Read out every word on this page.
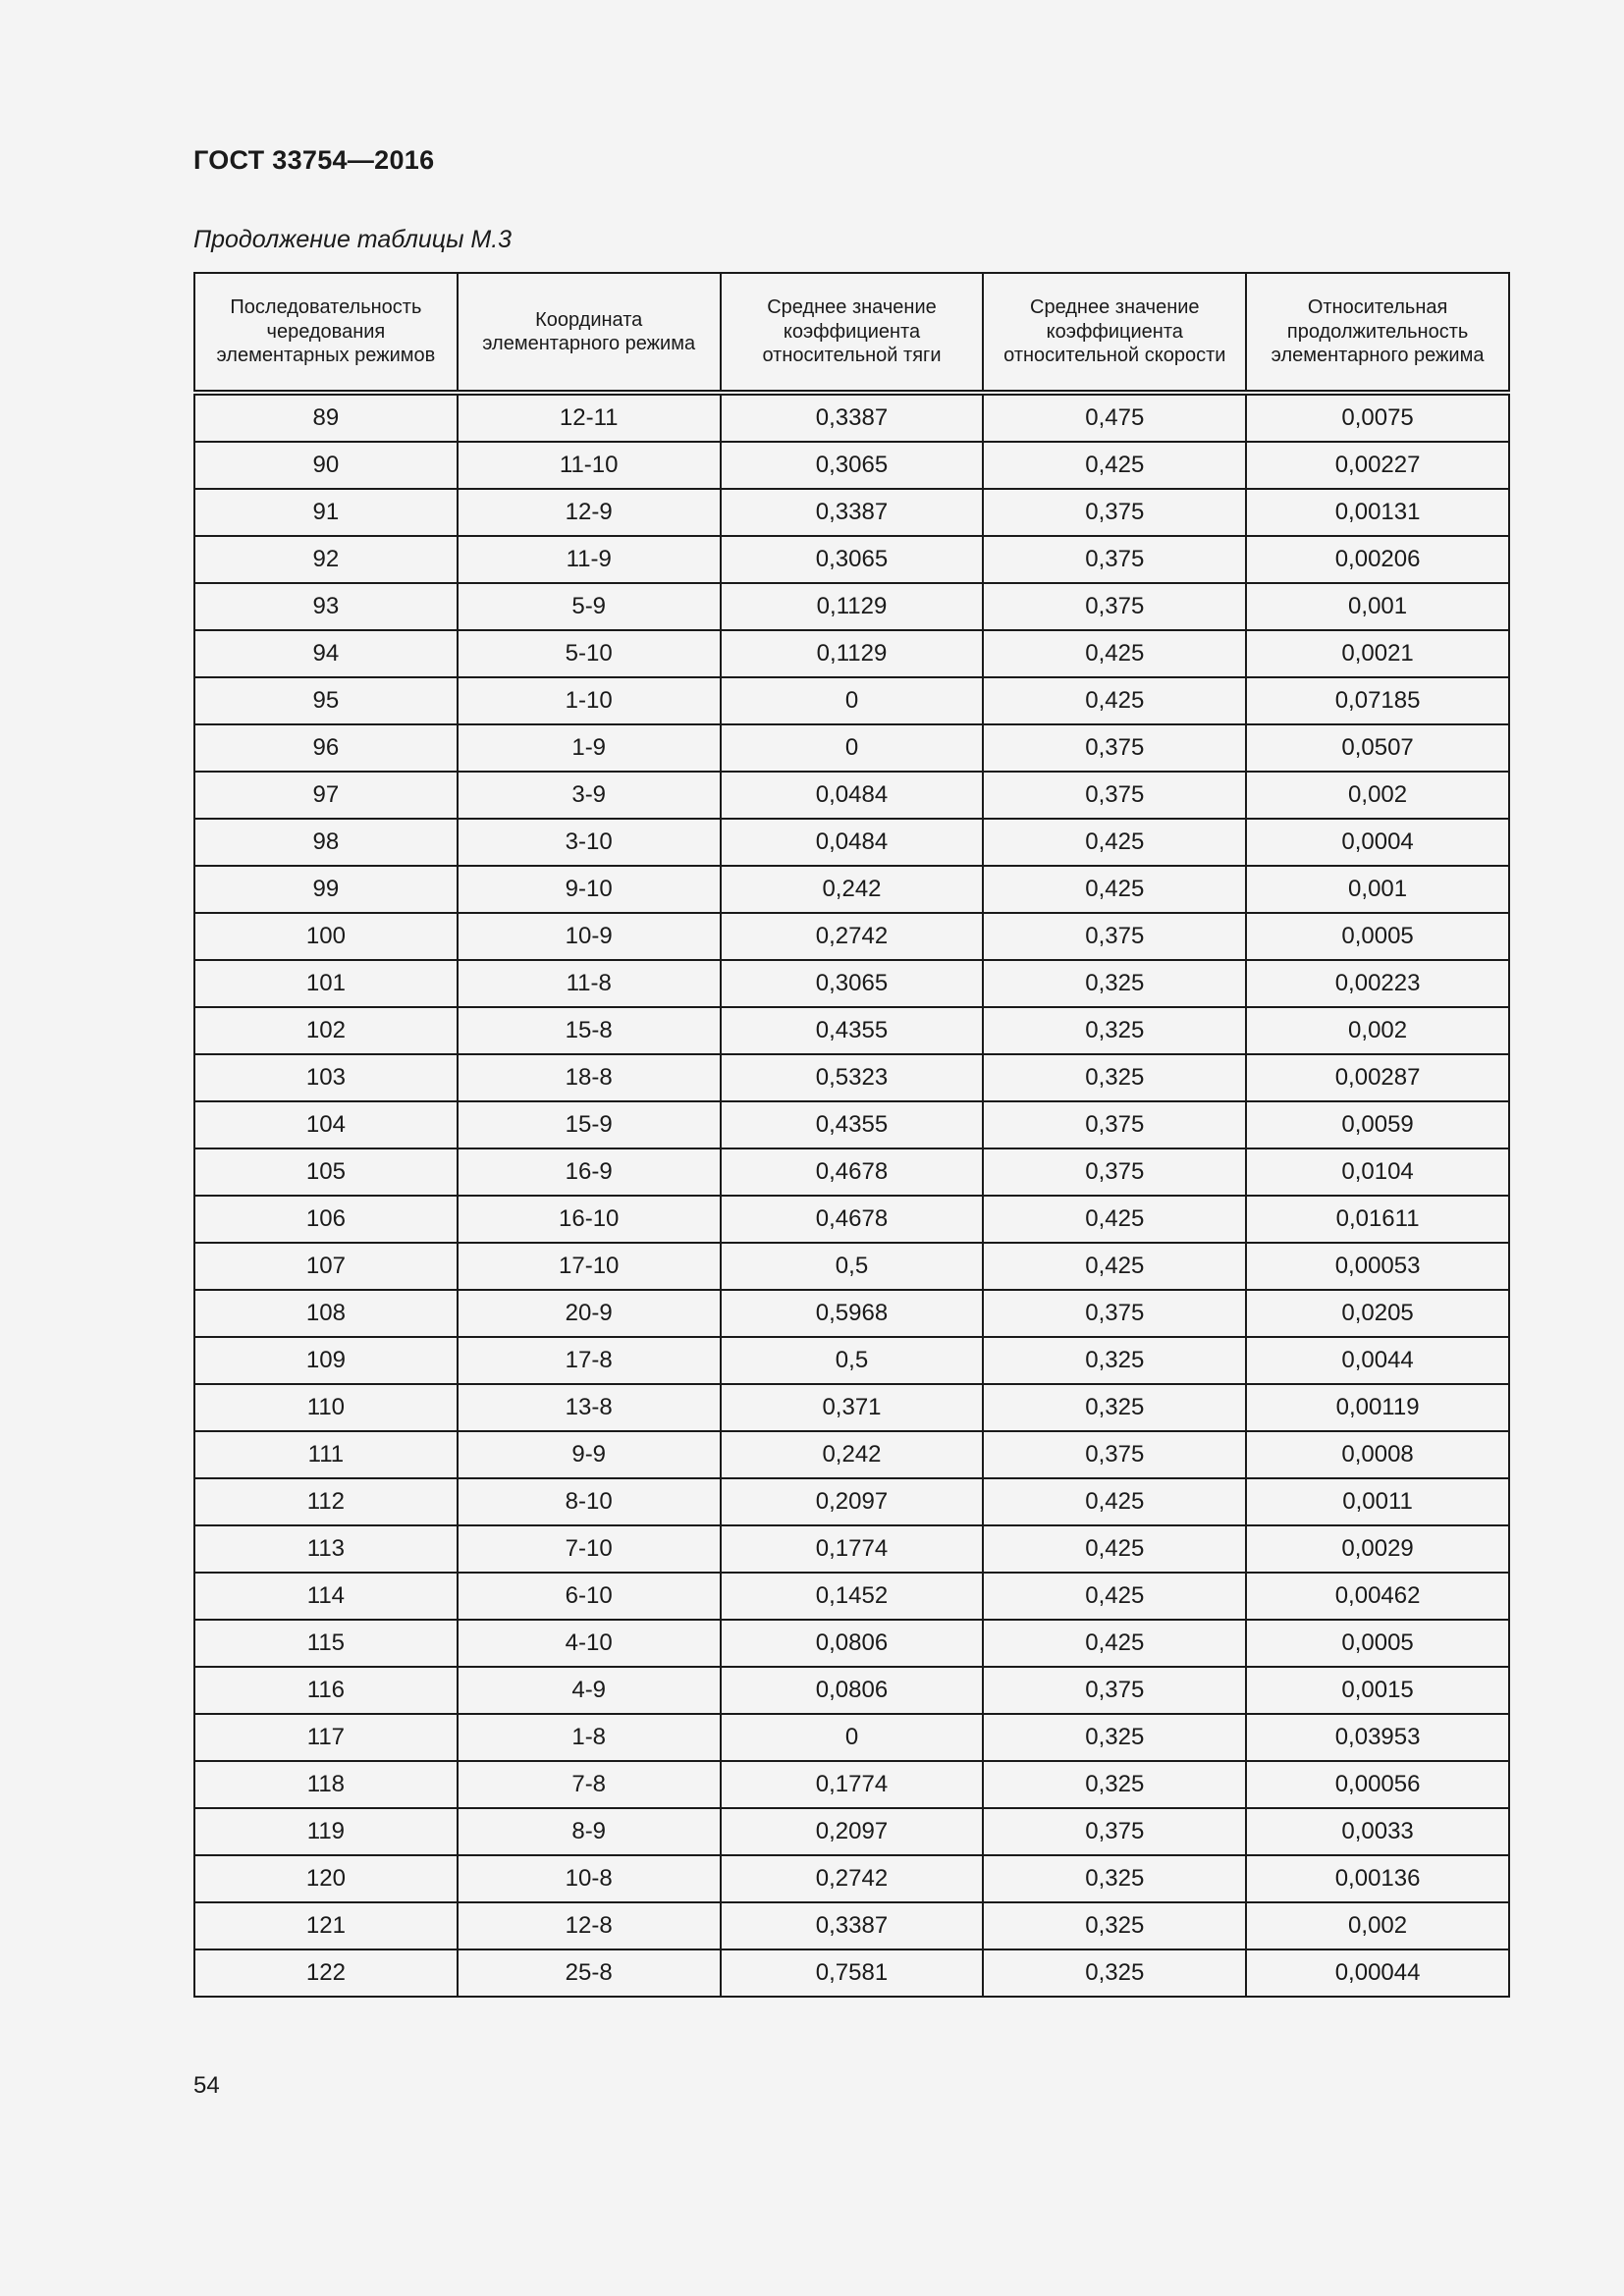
ГОСТ 33754—2016
Продолжение таблицы М.3
Последовательность чередования элементарных режимов	Координата элементарного режима	Среднее значение коэффициента относительной тяги	Среднее значение коэффициента относительной скорости	Относительная продолжительность элементарного режима
89	12-11	0,3387	0,475	0,0075
90	11-10	0,3065	0,425	0,00227
91	12-9	0,3387	0,375	0,00131
92	11-9	0,3065	0,375	0,00206
93	5-9	0,1129	0,375	0,001
94	5-10	0,1129	0,425	0,0021
95	1-10	0	0,425	0,07185
96	1-9	0	0,375	0,0507
97	3-9	0,0484	0,375	0,002
98	3-10	0,0484	0,425	0,0004
99	9-10	0,242	0,425	0,001
100	10-9	0,2742	0,375	0,0005
101	11-8	0,3065	0,325	0,00223
102	15-8	0,4355	0,325	0,002
103	18-8	0,5323	0,325	0,00287
104	15-9	0,4355	0,375	0,0059
105	16-9	0,4678	0,375	0,0104
106	16-10	0,4678	0,425	0,01611
107	17-10	0,5	0,425	0,00053
108	20-9	0,5968	0,375	0,0205
109	17-8	0,5	0,325	0,0044
110	13-8	0,371	0,325	0,00119
111	9-9	0,242	0,375	0,0008
112	8-10	0,2097	0,425	0,0011
113	7-10	0,1774	0,425	0,0029
114	6-10	0,1452	0,425	0,00462
115	4-10	0,0806	0,425	0,0005
116	4-9	0,0806	0,375	0,0015
117	1-8	0	0,325	0,03953
118	7-8	0,1774	0,325	0,00056
119	8-9	0,2097	0,375	0,0033
120	10-8	0,2742	0,325	0,00136
121	12-8	0,3387	0,325	0,002
122	25-8	0,7581	0,325	0,00044
54
